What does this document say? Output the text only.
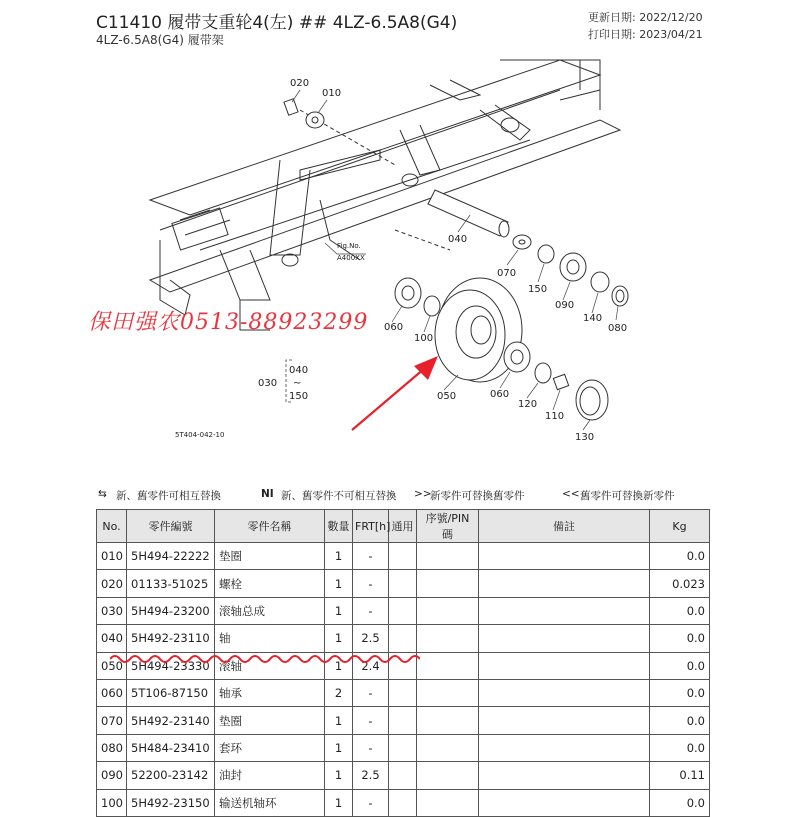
C11410 履带支重轮4(左) ## 4LZ-6.5A8(G4)
4LZ-6.5A8(G4) 履带架
更新日期: 2022/12/20
打印日期: 2023/04/21
020
010
040
070
150
090
140
080
060
100
050	060
120
110
130
030
040
~
150
Fig.No.
A400XX
5T404-042-10
保田强农0513-88923299
⇆ 新、舊零件可相互替換	NI 新、舊零件不可相互替換 >>
新零件可替換舊零件	<< 舊零件可替換新零件
No.	零件編號	零件名稱	數量	FRT[h]	通用	序號/PIN 碼	備註	Kg
010	5H494-22222	垫圈	1	-				0.0
020	01133-51025	螺栓	1	-				0.023
030	5H494-23200	滚轴总成	1	-				0.0
040	5H492-23110	轴	1	2.5				0.0
050	5H494-23330	滚轴	1	2.4				0.0
060	5T106-87150	轴承	2	-				0.0
070	5H492-23140	垫圈	1	-				0.0
080	5H484-23410	套环	1	-				0.0
090	52200-23142	油封	1	2.5				0.11
100	5H492-23150	输送机轴环	1	-				0.0
